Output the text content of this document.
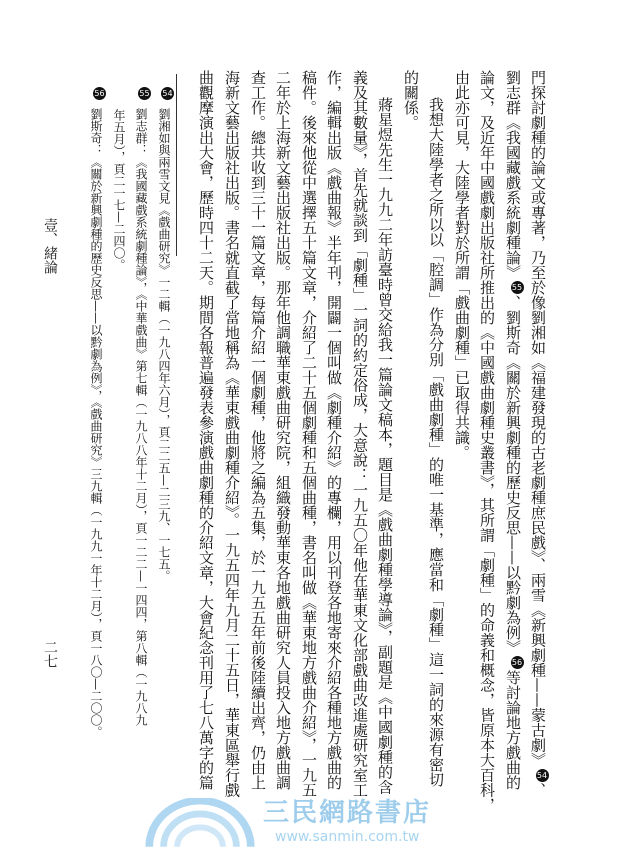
門探討劇種的論文或專著，乃至於像劉湘如《福建發現的古老劇種庶民戲》、兩雪《新興劇種——蒙古劇》54、
劉志群《我國藏戲系統劇種論》55、劉斯奇《關於新興劇種的歷史反思——以黔劇為例》56等討論地方戲曲的
論文，及近年中國戲劇出版社所推出的《中國戲曲劇種史叢書》，其所謂「劇種」的命義和概念，皆原本大百科，
由此亦可見，大陸學者對於所謂「戲曲劇種」已取得共識。
我想大陸學者之所以以「腔調」作為分別「戲曲劇種」的唯一基準，應當和「劇種」這一詞的來源有密切
的關係。
蔣星煜先生一九九二年訪臺時曾交給我一篇論文稿本，題目是《戲曲劇種學導論》，副題是《中國劇種的含
義及其數量》，首先就談到「劇種」一詞的約定俗成，大意說：一九五〇年他在華東文化部戲曲改進處研究室工
作，編輯出版《戲曲報》半年刊，開闢一個叫做《劇種介紹》的專欄，用以刊登各地寄來介紹各種地方戲曲的
稿件。後來他從中選擇五十篇文章，介紹了二十五個劇種和五個曲種，書名叫做《華東地方戲曲介紹》，一九五
二年於上海新文藝出版社出版。那年他調職華東戲曲研究院，組織發動華東各地戲曲研究人員投入地方戲曲調
查工作。總共收到三十一篇文章，每篇介紹一個劇種，他將之編為五集，於一九五五年前後陸續出齊，仍由上
海新文藝出版社出版。書名就直截了當地稱為《華東戲曲劇種介紹》。一九五四年九月二十五日，華東區舉行戲
曲觀摩演出大會，歷時四十二天。期間各報普遍發表參演戲曲劇種的介紹文章，大會紀念刊用了七八萬字的篇
54劉湘如與兩雪文見《戲曲研究》一二輯（一九八四年六月），頁二二五—二三九、一七五。
55劉志群：《我國藏戲系統劇種論》，《中華戲曲》第七輯（一九八八年十二月），頁一二二—一四四，第八輯（一九八九
年五月），頁二一七—二四〇。
56劉斯奇：《關於新興劇種的歷史反思——以黔劇為例》，《戲曲研究》三九輯（一九九一年十二月），頁一八〇—二〇〇。
壹、緒論
二七
三民網路書店
www.sanmin.com.tw
